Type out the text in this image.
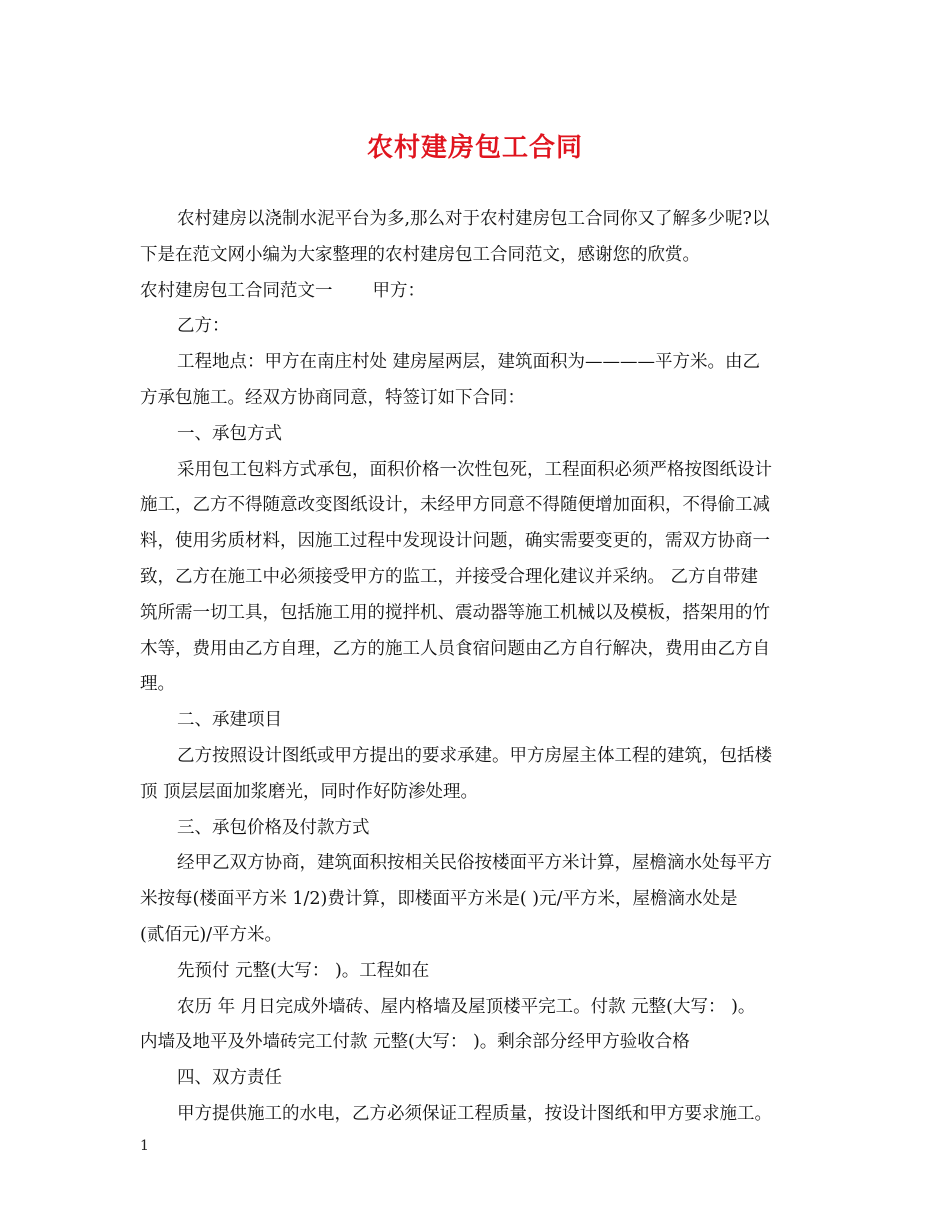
农村建房包工合同
农村建房以浇制水泥平台为多,那么对于农村建房包工合同你又了解多少呢?以
下是在范文网小编为大家整理的农村建房包工合同范文，感谢您的欣赏。
农村建房包工合同范文一 甲方：
乙方：
工程地点：甲方在南庄村处 建房屋两层，建筑面积为————平方米。由乙
方承包施工。经双方协商同意，特签订如下合同：
一、承包方式
采用包工包料方式承包，面积价格一次性包死，工程面积必须严格按图纸设计
施工，乙方不得随意改变图纸设计，未经甲方同意不得随便增加面积，不得偷工减
料，使用劣质材料，因施工过程中发现设计问题，确实需要变更的，需双方协商一
致，乙方在施工中必须接受甲方的监工，并接受合理化建议并采纳。 乙方自带建
筑所需一切工具，包括施工用的搅拌机、震动器等施工机械以及模板，搭架用的竹
木等，费用由乙方自理，乙方的施工人员食宿问题由乙方自行解决，费用由乙方自
理。
二、承建项目
乙方按照设计图纸或甲方提出的要求承建。甲方房屋主体工程的建筑，包括楼
顶 顶层层面加浆磨光，同时作好防渗处理。
三、承包价格及付款方式
经甲乙双方协商，建筑面积按相关民俗按楼面平方米计算，屋檐滴水处每平方
米按每(楼面平方米 1/2)费计算，即楼面平方米是( )元/平方米，屋檐滴水处是
(贰佰元)/平方米。
先预付 元整(大写： )。工程如在
农历 年 月日完成外墙砖、屋内格墙及屋顶楼平完工。付款 元整(大写： )。
内墙及地平及外墙砖完工付款 元整(大写： )。剩余部分经甲方验收合格
四、双方责任
甲方提供施工的水电，乙方必须保证工程质量，按设计图纸和甲方要求施工。
1
